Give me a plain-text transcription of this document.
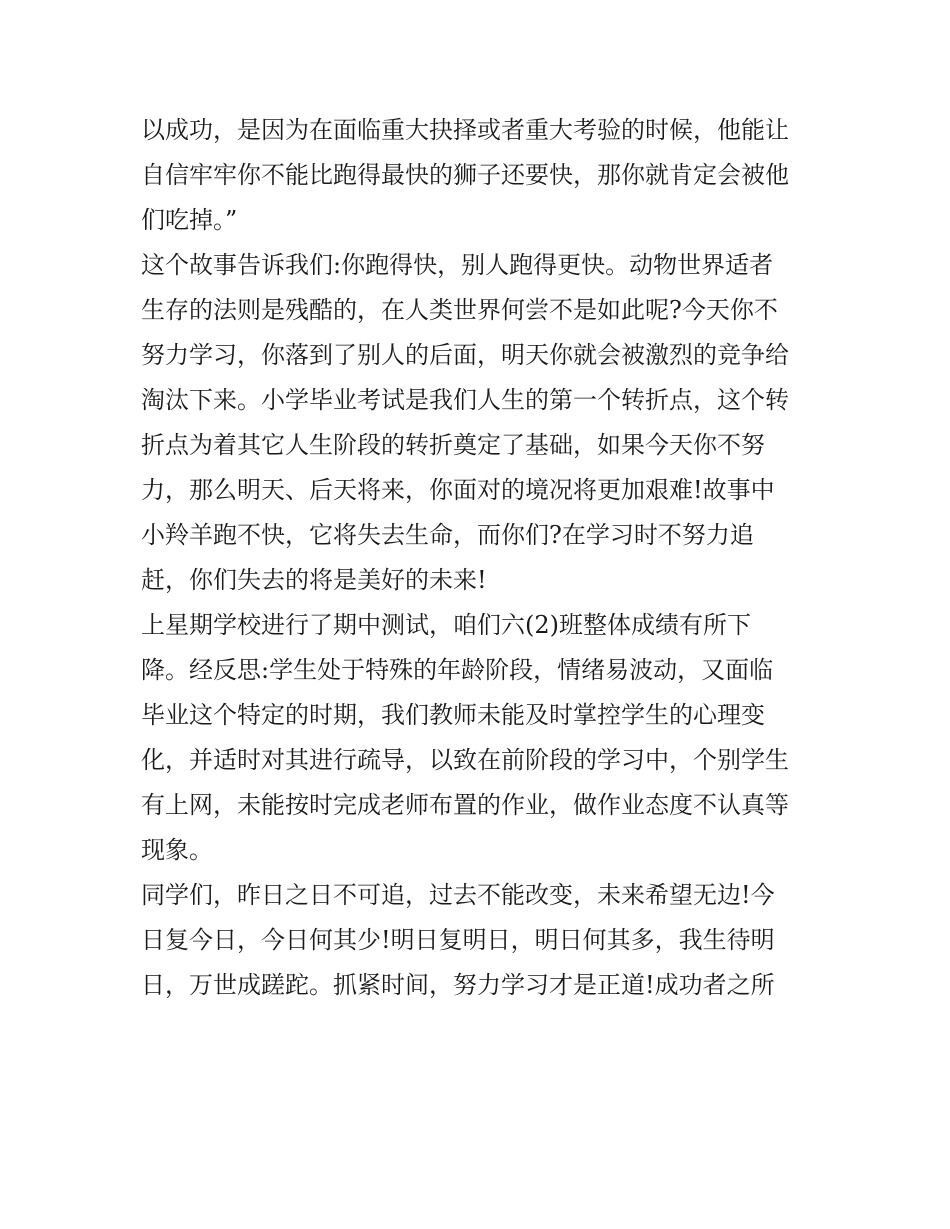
以成功，是因为在面临重大抉择或者重大考验的时候，他能让
自信牢牢你不能比跑得最快的狮子还要快，那你就肯定会被他
们吃掉。”
这个故事告诉我们:你跑得快，别人跑得更快。动物世界适者
生存的法则是残酷的，在人类世界何尝不是如此呢?今天你不
努力学习，你落到了别人的后面，明天你就会被激烈的竞争给
淘汰下来。小学毕业考试是我们人生的第一个转折点，这个转
折点为着其它人生阶段的转折奠定了基础，如果今天你不努
力，那么明天、后天将来，你面对的境况将更加艰难!故事中
小羚羊跑不快，它将失去生命，而你们?在学习时不努力追
赶，你们失去的将是美好的未来!
上星期学校进行了期中测试，咱们六(2)班整体成绩有所下
降。经反思:学生处于特殊的年龄阶段，情绪易波动，又面临
毕业这个特定的时期，我们教师未能及时掌控学生的心理变
化，并适时对其进行疏导，以致在前阶段的学习中，个别学生
有上网，未能按时完成老师布置的作业，做作业态度不认真等
现象。
同学们，昨日之日不可追，过去不能改变，未来希望无边!今
日复今日，今日何其少!明日复明日，明日何其多，我生待明
日，万世成蹉跎。抓紧时间，努力学习才是正道!成功者之所
